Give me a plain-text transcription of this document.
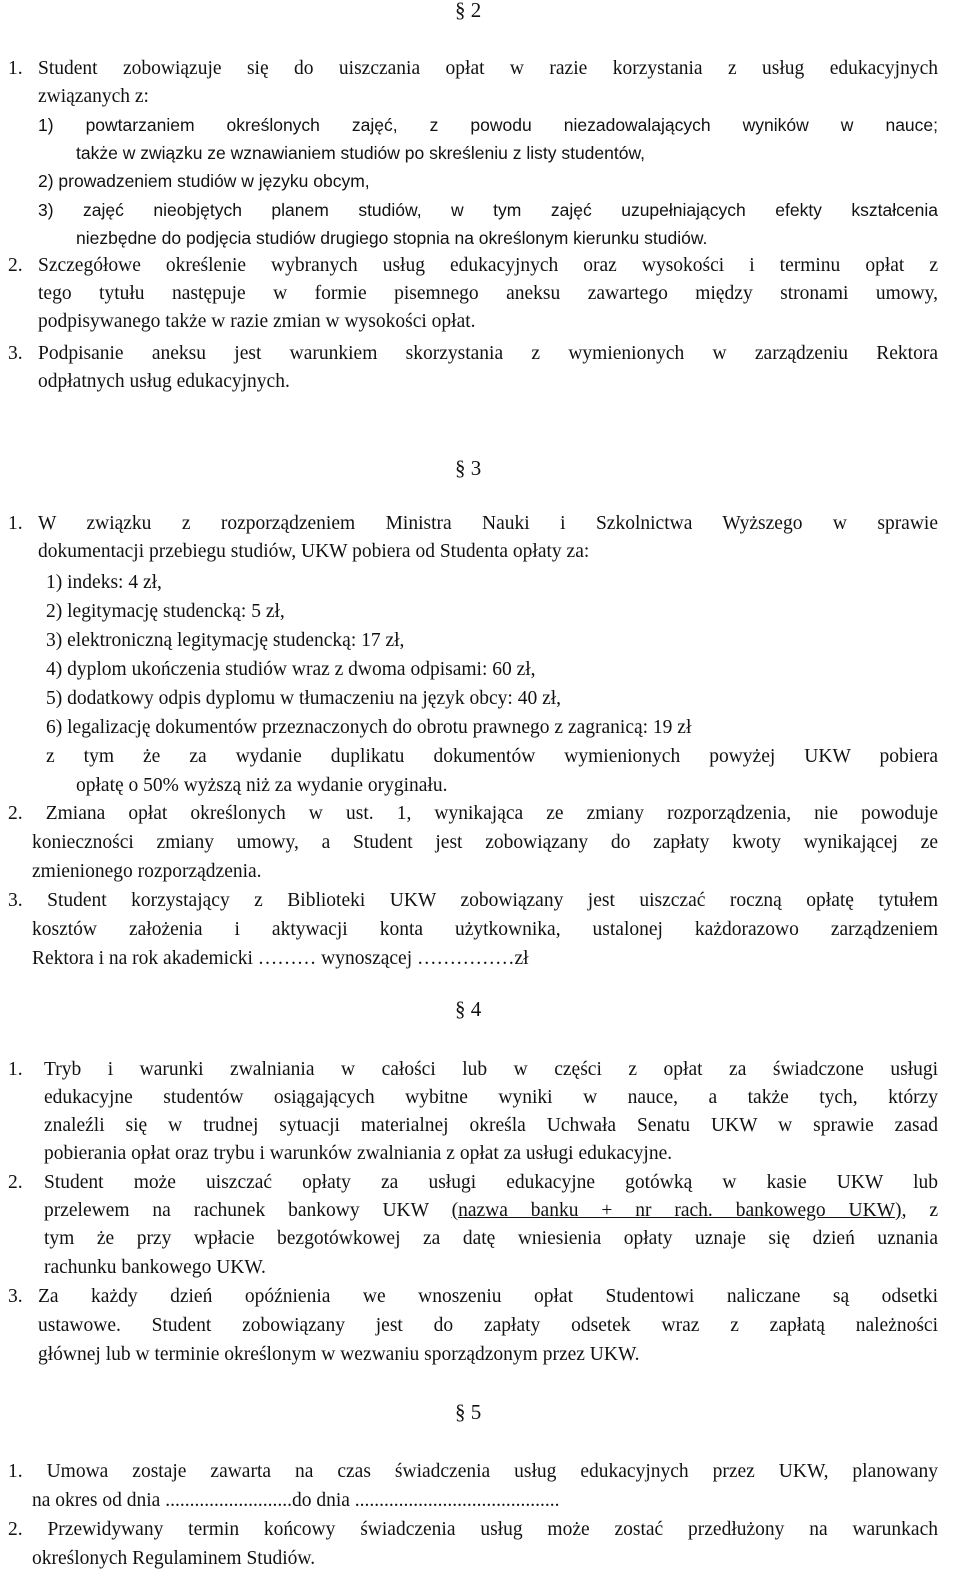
§ 2
1. Student zobowiązuje się do uiszczania opłat w razie korzystania z usług edukacyjnych
związanych z:
1) powtarzaniem określonych zajęć, z powodu niezadowalających wyników w nauce;
także w związku ze wznawianiem studiów po skreśleniu z listy studentów,
2) prowadzeniem studiów w języku obcym,
3) zajęć nieobjętych planem studiów, w tym zajęć uzupełniających efekty kształcenia
niezbędne do podjęcia studiów drugiego stopnia na określonym kierunku studiów.
2. Szczegółowe określenie wybranych usług edukacyjnych oraz wysokości i terminu opłat z
tego tytułu następuje w formie pisemnego aneksu zawartego między stronami umowy,
podpisywanego także w razie zmian w wysokości opłat.
3. Podpisanie aneksu jest warunkiem skorzystania z wymienionych w zarządzeniu Rektora
odpłatnych usług edukacyjnych.
§ 3
1. W związku z rozporządzeniem Ministra Nauki i Szkolnictwa Wyższego w sprawie
dokumentacji przebiegu studiów, UKW pobiera od Studenta opłaty za:
1) indeks: 4 zł,
2) legitymację studencką: 5 zł,
3) elektroniczną legitymację studencką: 17 zł,
4) dyplom ukończenia studiów wraz z dwoma odpisami: 60 zł,
5) dodatkowy odpis dyplomu w tłumaczeniu na język obcy: 40 zł,
6) legalizację dokumentów przeznaczonych do obrotu prawnego z zagranicą: 19 zł
z tym że za wydanie duplikatu dokumentów wymienionych powyżej UKW pobiera
opłatę o 50% wyższą niż za wydanie oryginału.
2. Zmiana opłat określonych w ust. 1, wynikająca ze zmiany rozporządzenia, nie powoduje
konieczności zmiany umowy, a Student jest zobowiązany do zapłaty kwoty wynikającej ze
zmienionego rozporządzenia.
3. Student korzystający z Biblioteki UKW zobowiązany jest uiszczać roczną opłatę tytułem
kosztów założenia i aktywacji konta użytkownika, ustalonej każdorazowo zarządzeniem
Rektora i na rok akademicki ……… wynoszącej ……………zł
§ 4
1. Tryb i warunki zwalniania w całości lub w części z opłat za świadczone usługi
edukacyjne studentów osiągających wybitne wyniki w nauce, a także tych, którzy
znaleźli się w trudnej sytuacji materialnej określa Uchwała Senatu UKW w sprawie zasad
pobierania opłat oraz trybu i warunków zwalniania z opłat za usługi edukacyjne.
2. Student może uiszczać opłaty za usługi edukacyjne gotówką w kasie UKW lub
przelewem na rachunek bankowy UKW (nazwa banku + nr rach. bankowego UKW), z
tym że przy wpłacie bezgotówkowej za datę wniesienia opłaty uznaje się dzień uznania
rachunku bankowego UKW.
3. Za każdy dzień opóźnienia we wnoszeniu opłat Studentowi naliczane są odsetki
ustawowe. Student zobowiązany jest do zapłaty odsetek wraz z zapłatą należności
głównej lub w terminie określonym w wezwaniu sporządzonym przez UKW.
§ 5
1. Umowa zostaje zawarta na czas świadczenia usług edukacyjnych przez UKW, planowany
na okres od dnia ..........................do dnia ..........................................
2. Przewidywany termin końcowy świadczenia usług może zostać przedłużony na warunkach
określonych Regulaminem Studiów.
